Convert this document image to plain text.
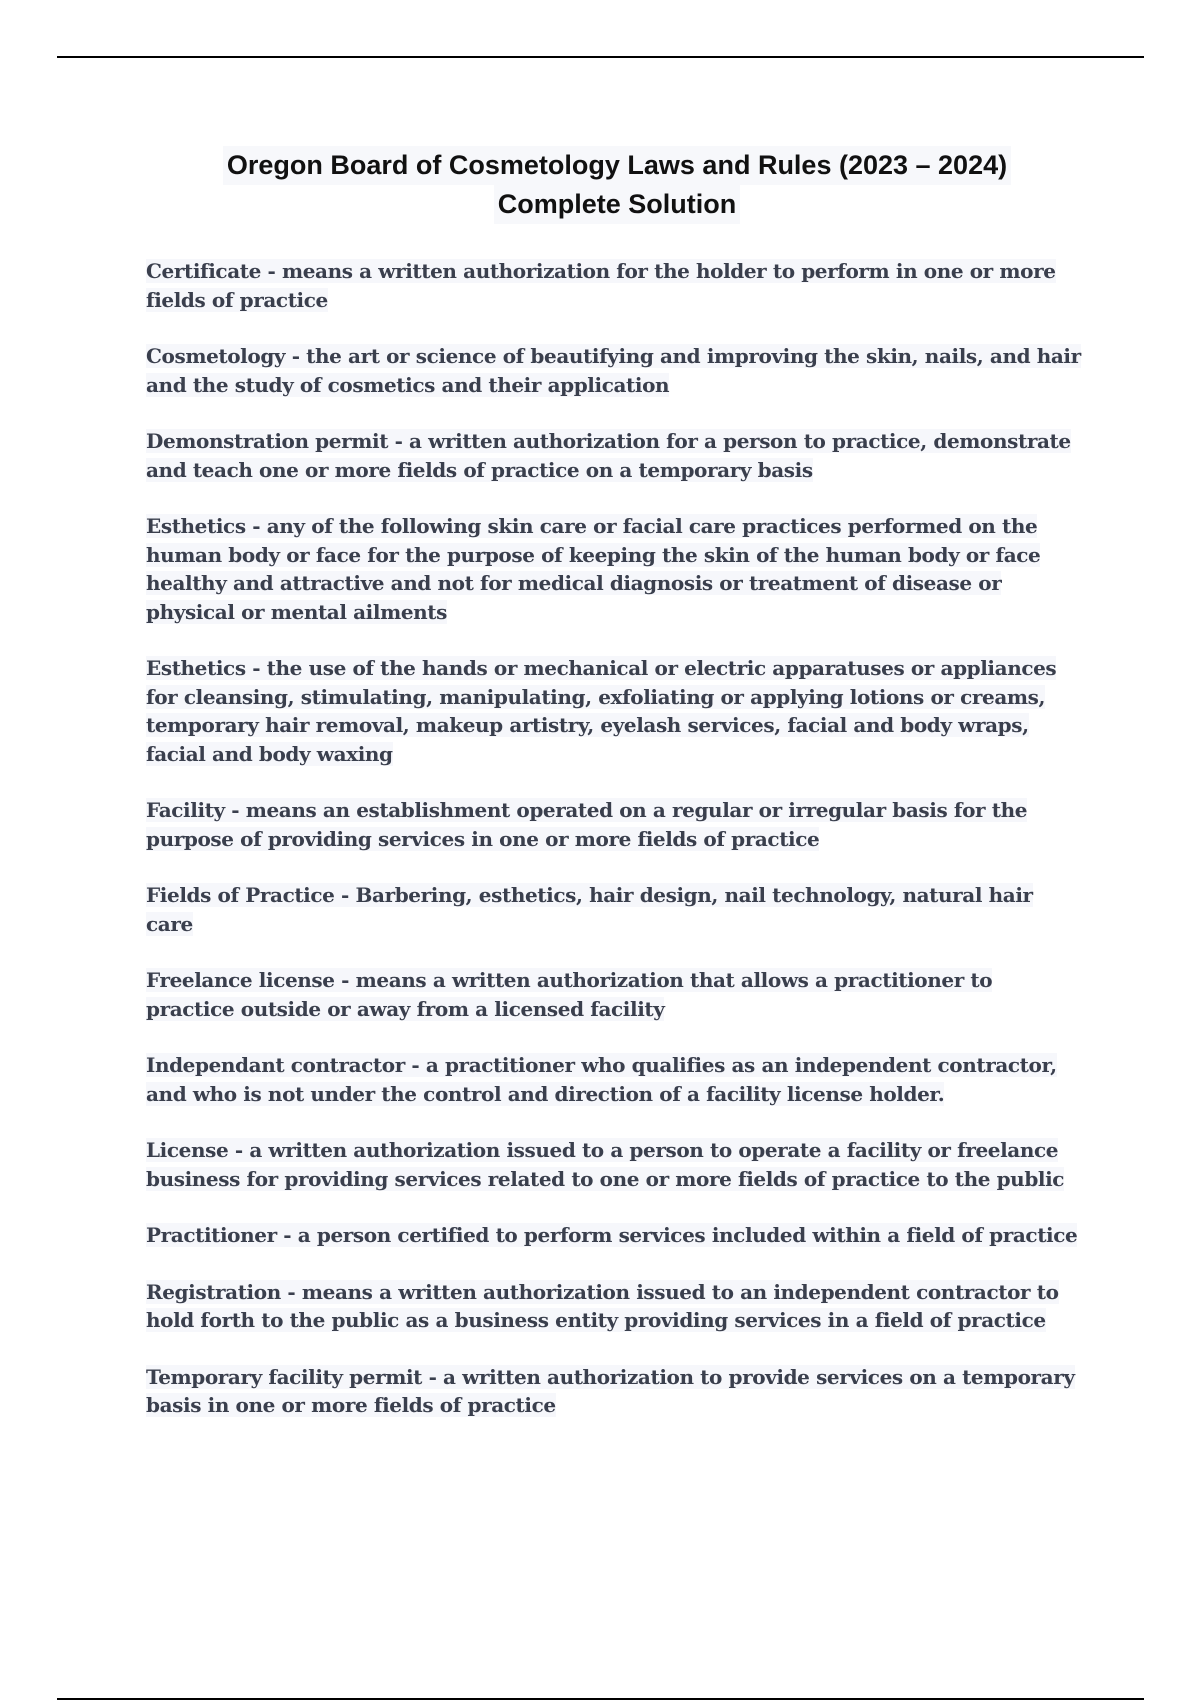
Oregon Board of Cosmetology Laws and Rules (2023 – 2024)
Complete Solution

Certificate - means a written authorization for the holder to perform in one or more fields of practice

Cosmetology - the art or science of beautifying and improving the skin, nails, and hair and the study of cosmetics and their application

Demonstration permit - a written authorization for a person to practice, demonstrate and teach one or more fields of practice on a temporary basis

Esthetics - any of the following skin care or facial care practices performed on the human body or face for the purpose of keeping the skin of the human body or face healthy and attractive and not for medical diagnosis or treatment of disease or physical or mental ailments

Esthetics - the use of the hands or mechanical or electric apparatuses or appliances for cleansing, stimulating, manipulating, exfoliating or applying lotions or creams, temporary hair removal, makeup artistry, eyelash services, facial and body wraps, facial and body waxing

Facility - means an establishment operated on a regular or irregular basis for the purpose of providing services in one or more fields of practice

Fields of Practice - Barbering, esthetics, hair design, nail technology, natural hair care

Freelance license - means a written authorization that allows a practitioner to practice outside or away from a licensed facility

Independant contractor - a practitioner who qualifies as an independent contractor, and who is not under the control and direction of a facility license holder.

License - a written authorization issued to a person to operate a facility or freelance business for providing services related to one or more fields of practice to the public

Practitioner - a person certified to perform services included within a field of practice

Registration - means a written authorization issued to an independent contractor to hold forth to the public as a business entity providing services in a field of practice

Temporary facility permit - a written authorization to provide services on a temporary basis in one or more fields of practice
